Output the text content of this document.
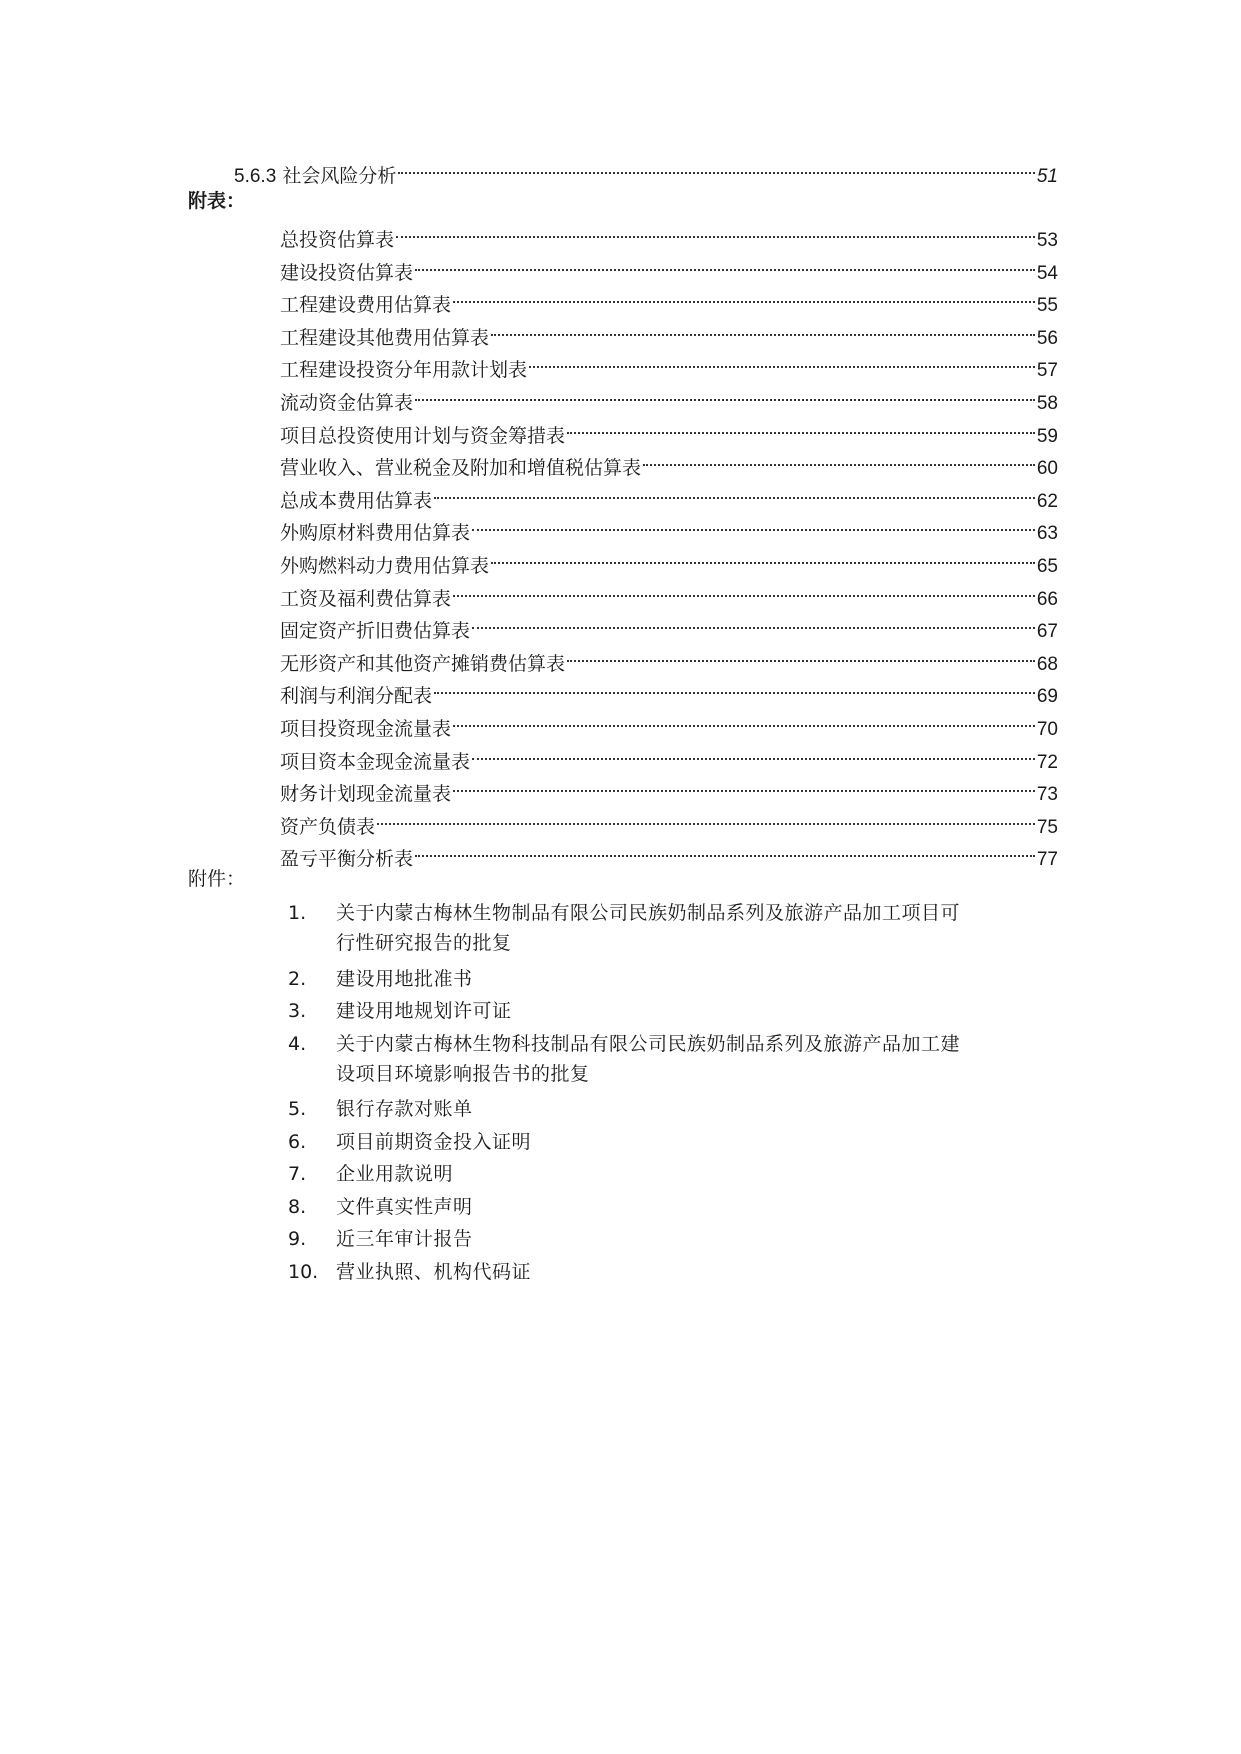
5.6.3 社会风险分析	51
附表：
总投资估算表	53
建设投资估算表	54
工程建设费用估算表	55
工程建设其他费用估算表	56
工程建设投资分年用款计划表	57
流动资金估算表	58
项目总投资使用计划与资金筹措表	59
营业收入、营业税金及附加和增值税估算表	60
总成本费用估算表	62
外购原材料费用估算表	63
外购燃料动力费用估算表	65
工资及福利费估算表	66
固定资产折旧费估算表	67
无形资产和其他资产摊销费估算表	68
利润与利润分配表	69
项目投资现金流量表	70
项目资本金现金流量表	72
财务计划现金流量表	73
资产负债表	75
盈亏平衡分析表	77
附件：
1.	关于内蒙古梅林生物制品有限公司民族奶制品系列及旅游产品加工项目可
行性研究报告的批复
2.	建设用地批准书
3.	建设用地规划许可证
4.	关于内蒙古梅林生物科技制品有限公司民族奶制品系列及旅游产品加工建
设项目环境影响报告书的批复
5.	银行存款对账单
6.	项目前期资金投入证明
7.	企业用款说明
8.	文件真实性声明
9.	近三年审计报告
10. 营业执照、机构代码证
